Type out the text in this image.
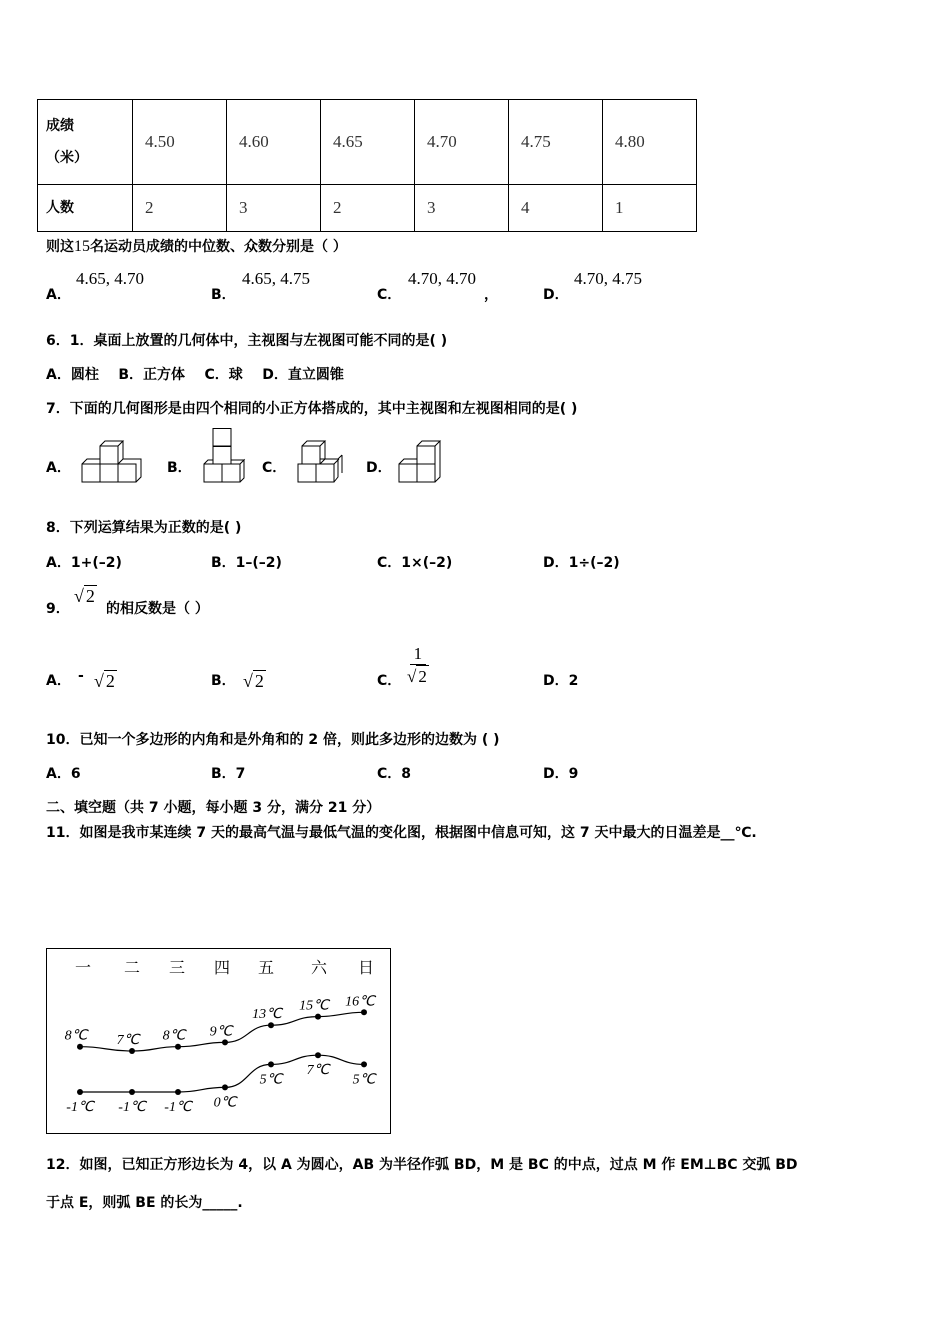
成绩
（米）	4.50	4.60	4.65	4.70	4.75	4.80
人数	2	3	2	3	4	1
则这15名运动员成绩的中位数、众数分别是（ ）
A．
4.65, 4.70
B．
4.65, 4.75
C．
4.70, 4.70
，	D．
4.70, 4.75
6．1．桌面上放置的几何体中，主视图与左视图可能不同的是( )
A．圆柱    B．正方体    C．球    D．直立圆锥
7．下面的几何图形是由四个相同的小正方体搭成的，其中主视图和左视图相同的是( )
A．	B．	C．	D．
8．下列运算结果为正数的是( )
A．1+(–2)	B．1–(–2)	C．1×(–2)	D．1÷(–2)
9．
√ 2
的相反数是（ ）
A． - √ 2	B． √ 2	C． $\frac{1}{√ 2}$	D．2
10．已知一个多边形的内角和是外角和的 2 倍，则此多边形的边数为 ( )
A．6	B．7	C．8	D．9
二、填空题（共 7 小题，每小题 3 分，满分 21 分）
11．如图是我市某连续 7 天的最高气温与最低气温的变化图，根据图中信息可知，这 7 天中最大的日温差是__℃.
一 二 三 四 五 六 日
8℃ 7℃ 8℃ 9℃
13℃
15℃ 16℃
-1℃ -1℃ -1℃ 0℃
5℃
7℃
5℃
12．如图，已知正方形边长为 4，以 A 为圆心，AB 为半径作弧 BD，M 是 BC 的中点，过点 M 作 EM⊥BC 交弧 BD
于点 E，则弧 BE 的长为_____.
